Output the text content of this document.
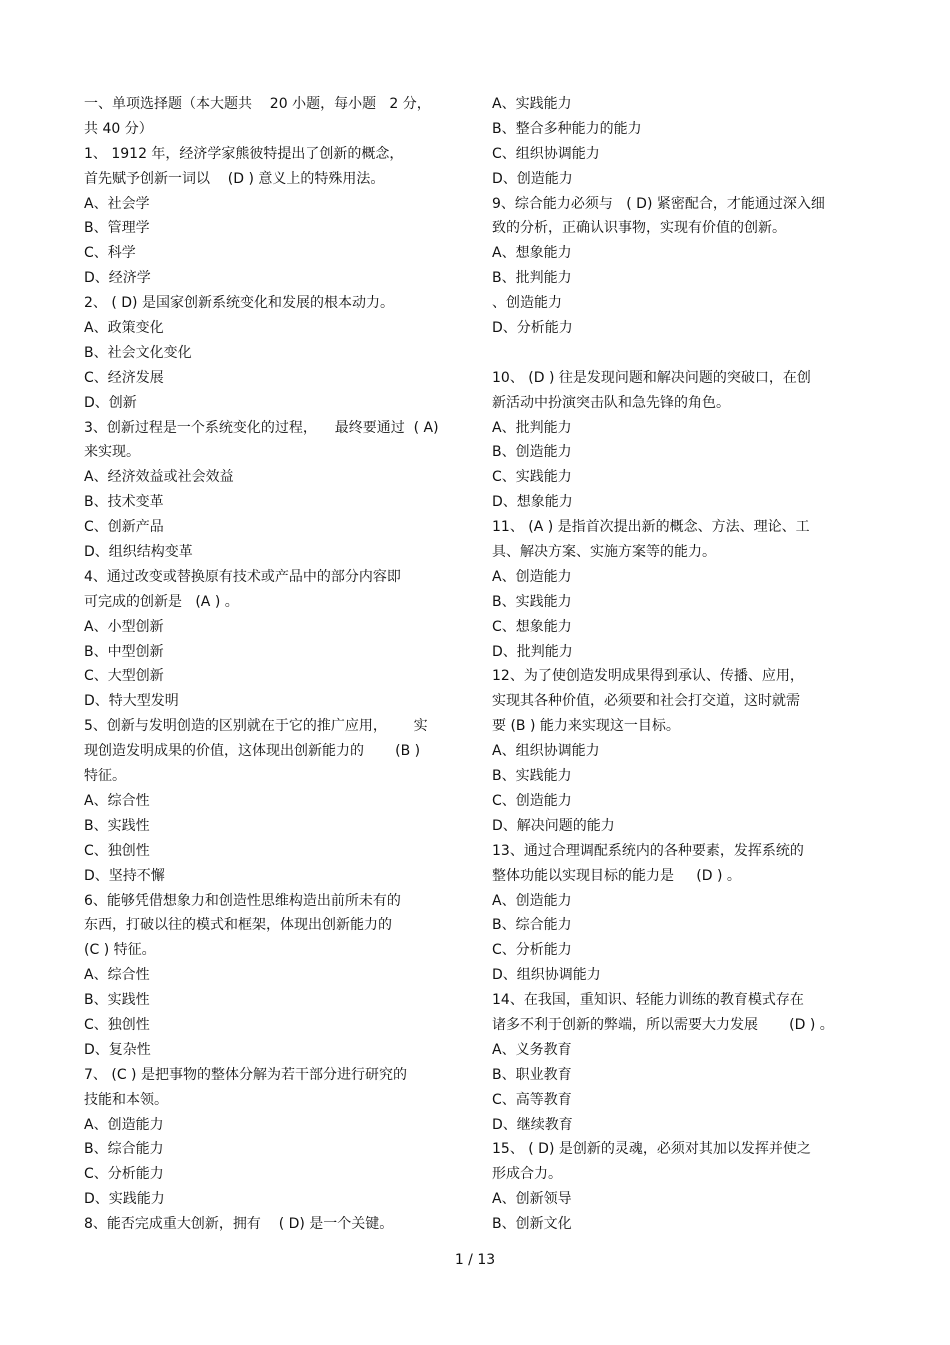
一、单项选择题（本大题共    20 小题，每小题   2 分，
共 40 分）
1、 1912 年，经济学家熊彼特提出了创新的概念，
首先赋予创新一词以    (D ) 意义上的特殊用法。
A、社会学
B、管理学
C、科学
D、经济学
2、 ( D) 是国家创新系统变化和发展的根本动力。
A、政策变化
B、社会文化变化
C、经济发展
D、创新
3、创新过程是一个系统变化的过程，    最终要通过  ( A)
来实现。
A、经济效益或社会效益
B、技术变革
C、创新产品
D、组织结构变革
4、通过改变或替换原有技术或产品中的部分内容即
可完成的创新是   (A ) 。
A、小型创新
B、中型创新
C、大型创新
D、特大型发明
5、创新与发明创造的区别就在于它的推广应用，      实
现创造发明成果的价值，这体现出创新能力的       (B )
特征。
A、综合性
B、实践性
C、独创性
D、坚持不懈
6、能够凭借想象力和创造性思维构造出前所未有的
东西，打破以往的模式和框架，体现出创新能力的
(C ) 特征。
A、综合性
B、实践性
C、独创性
D、复杂性
7、 (C ) 是把事物的整体分解为若干部分进行研究的
技能和本领。
A、创造能力
B、综合能力
C、分析能力
D、实践能力
8、能否完成重大创新，拥有    ( D) 是一个关键。
A、实践能力
B、整合多种能力的能力
C、组织协调能力
D、创造能力
9、综合能力必须与   ( D) 紧密配合，才能通过深入细
致的分析，正确认识事物，实现有价值的创新。
A、想象能力
B、批判能力
、创造能力
D、分析能力
10、 (D ) 往是发现问题和解决问题的突破口，在创
新活动中扮演突击队和急先锋的角色。
A、批判能力
B、创造能力
C、实践能力
D、想象能力
11、 (A ) 是指首次提出新的概念、方法、理论、工
具、解决方案、实施方案等的能力。
A、创造能力
B、实践能力
C、想象能力
D、批判能力
12、为了使创造发明成果得到承认、传播、应用，
实现其各种价值，必须要和社会打交道，这时就需
要 (B ) 能力来实现这一目标。
A、组织协调能力
B、实践能力
C、创造能力
D、解决问题的能力
13、通过合理调配系统内的各种要素，发挥系统的
整体功能以实现目标的能力是     (D ) 。
A、创造能力
B、综合能力
C、分析能力
D、组织协调能力
14、在我国，重知识、轻能力训练的教育模式存在
诸多不利于创新的弊端，所以需要大力发展       (D ) 。
A、义务教育
B、职业教育
C、高等教育
D、继续教育
15、 ( D) 是创新的灵魂，必须对其加以发挥并使之
形成合力。
A、创新领导
B、创新文化
1 / 13
